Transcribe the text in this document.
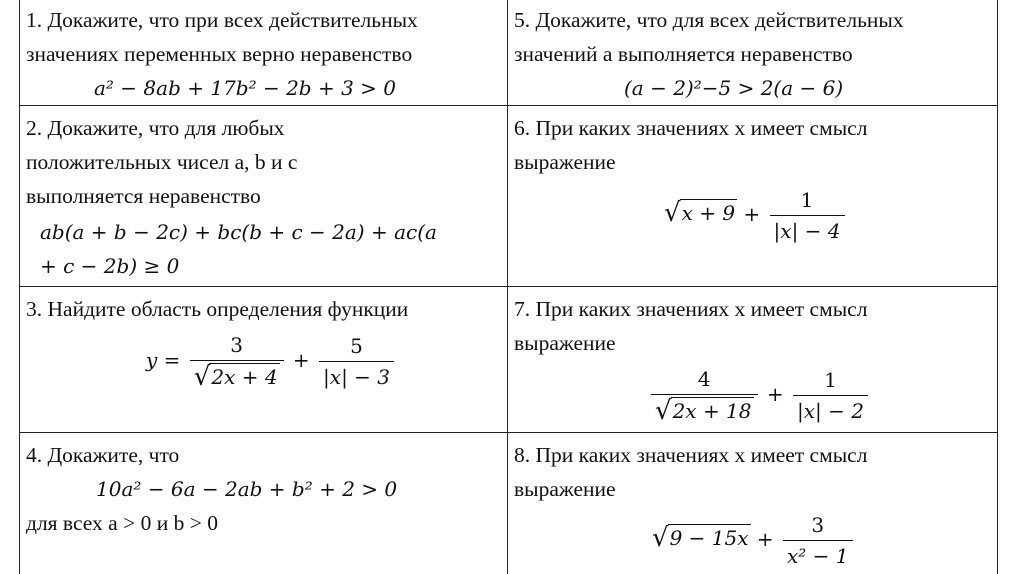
1. Докажите, что при всех действительных
значениях переменных верно неравенство
a² − 8ab + 17b² − 2b + 3 > 0
5. Докажите, что для всех действительных
значений a выполняется неравенство
(a − 2)²−5 > 2(a − 6)
2. Докажите, что для любых
положительных чисел a, b и c
выполняется неравенство
ab(a + b − 2c) + bc(b + c − 2a) + ac(a
+ c − 2b) ≥ 0
6. При каких значениях x имеет смысл
выражение
√ $x + 9 + \frac{1}{|x| - 4}$
3. Найдите область определения функции
$y = \frac{3}{√ 2x + 4} + \frac{5}{|x| - 3}$
7. При каких значениях x имеет смысл
выражение
$\frac{4}{√ 2x + 18} + \frac{1}{|x| - 2}$
4. Докажите, что
10a² − 6a − 2ab + b² + 2 > 0
для всех a > 0 и b > 0
8. При каких значениях x имеет смысл
выражение
√ $9 - 15x + \frac{3}{\text{x² − 1}}$
